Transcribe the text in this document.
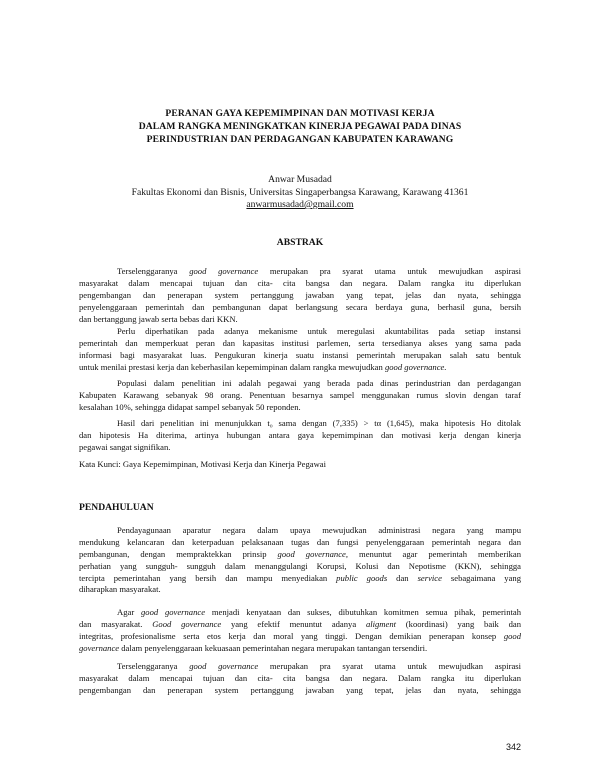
PERANAN GAYA KEPEMIMPINAN DAN MOTIVASI KERJA
DALAM RANGKA MENINGKATKAN KINERJA PEGAWAI PADA DINAS
PERINDUSTRIAN DAN PERDAGANGAN KABUPATEN KARAWANG
Anwar Musadad
Fakultas Ekonomi dan Bisnis, Universitas Singaperbangsa Karawang, Karawang 41361
anwarmusadad@gmail.com
ABSTRAK
Terselenggaranya good governance merupakan pra syarat utama untuk mewujudkan aspirasi
masyarakat dalam mencapai tujuan dan cita- cita bangsa dan negara. Dalam rangka itu diperlukan
pengembangan dan penerapan system pertanggung jawaban yang tepat, jelas dan nyata, sehingga
penyelenggaraan pemerintah dan pembangunan dapat berlangsung secara berdaya guna, berhasil guna, bersih
dan bertanggung jawab serta bebas dari KKN.
Perlu diperhatikan pada adanya mekanisme untuk meregulasi akuntabilitas pada setiap instansi
pemerintah dan memperkuat peran dan kapasitas institusi parlemen, serta tersedianya akses yang sama pada
informasi bagi masyarakat luas. Pengukuran kinerja suatu instansi pemerintah merupakan salah satu bentuk
untuk menilai prestasi kerja dan keberhasilan kepemimpinan dalam rangka mewujudkan good governance.
Populasi dalam penelitian ini adalah pegawai yang berada pada dinas perindustrian dan perdagangan
Kabupaten Karawang sebanyak 98 orang. Penentuan besarnya sampel menggunakan rumus slovin dengan taraf
kesalahan 10%, sehingga didapat sampel sebanyak 50 reponden.
Hasil dari penelitian ini menunjukkan t₀ sama dengan (7,335) > tα (1,645), maka hipotesis Ho ditolak
dan hipotesis Ha diterima, artinya hubungan antara gaya kepemimpinan dan motivasi kerja dengan kinerja
pegawai sangat signifikan.
Kata Kunci: Gaya Kepemimpinan, Motivasi Kerja dan Kinerja Pegawai
PENDAHULUAN
Pendayagunaan aparatur negara dalam upaya mewujudkan administrasi negara yang mampu
mendukung kelancaran dan keterpaduan pelaksanaan tugas dan fungsi penyelenggaraan pemerintah negara dan
pembangunan, dengan mempraktekkan prinsip good governance, menuntut agar pemerintah memberikan
perhatian yang sungguh- sungguh dalam menanggulangi Korupsi, Kolusi dan Nepotisme (KKN), sehingga
tercipta pemerintahan yang bersih dan mampu menyediakan public goods dan service sebagaimana yang
diharapkan masyarakat.
Agar good governance menjadi kenyataan dan sukses, dibutuhkan komitmen semua pihak, pemerintah
dan masyarakat. Good governance yang efektif menuntut adanya aligment (koordinasi) yang baik dan
integritas, profesionalisme serta etos kerja dan moral yang tinggi. Dengan demikian penerapan konsep good
governance dalam penyelenggaraan kekuasaan pemerintahan negara merupakan tantangan tersendiri.
Terselenggaranya good governance merupakan pra syarat utama untuk mewujudkan aspirasi
masyarakat dalam mencapai tujuan dan cita- cita bangsa dan negara. Dalam rangka itu diperlukan
pengembangan dan penerapan system pertanggung jawaban yang tepat, jelas dan nyata, sehingga
342
